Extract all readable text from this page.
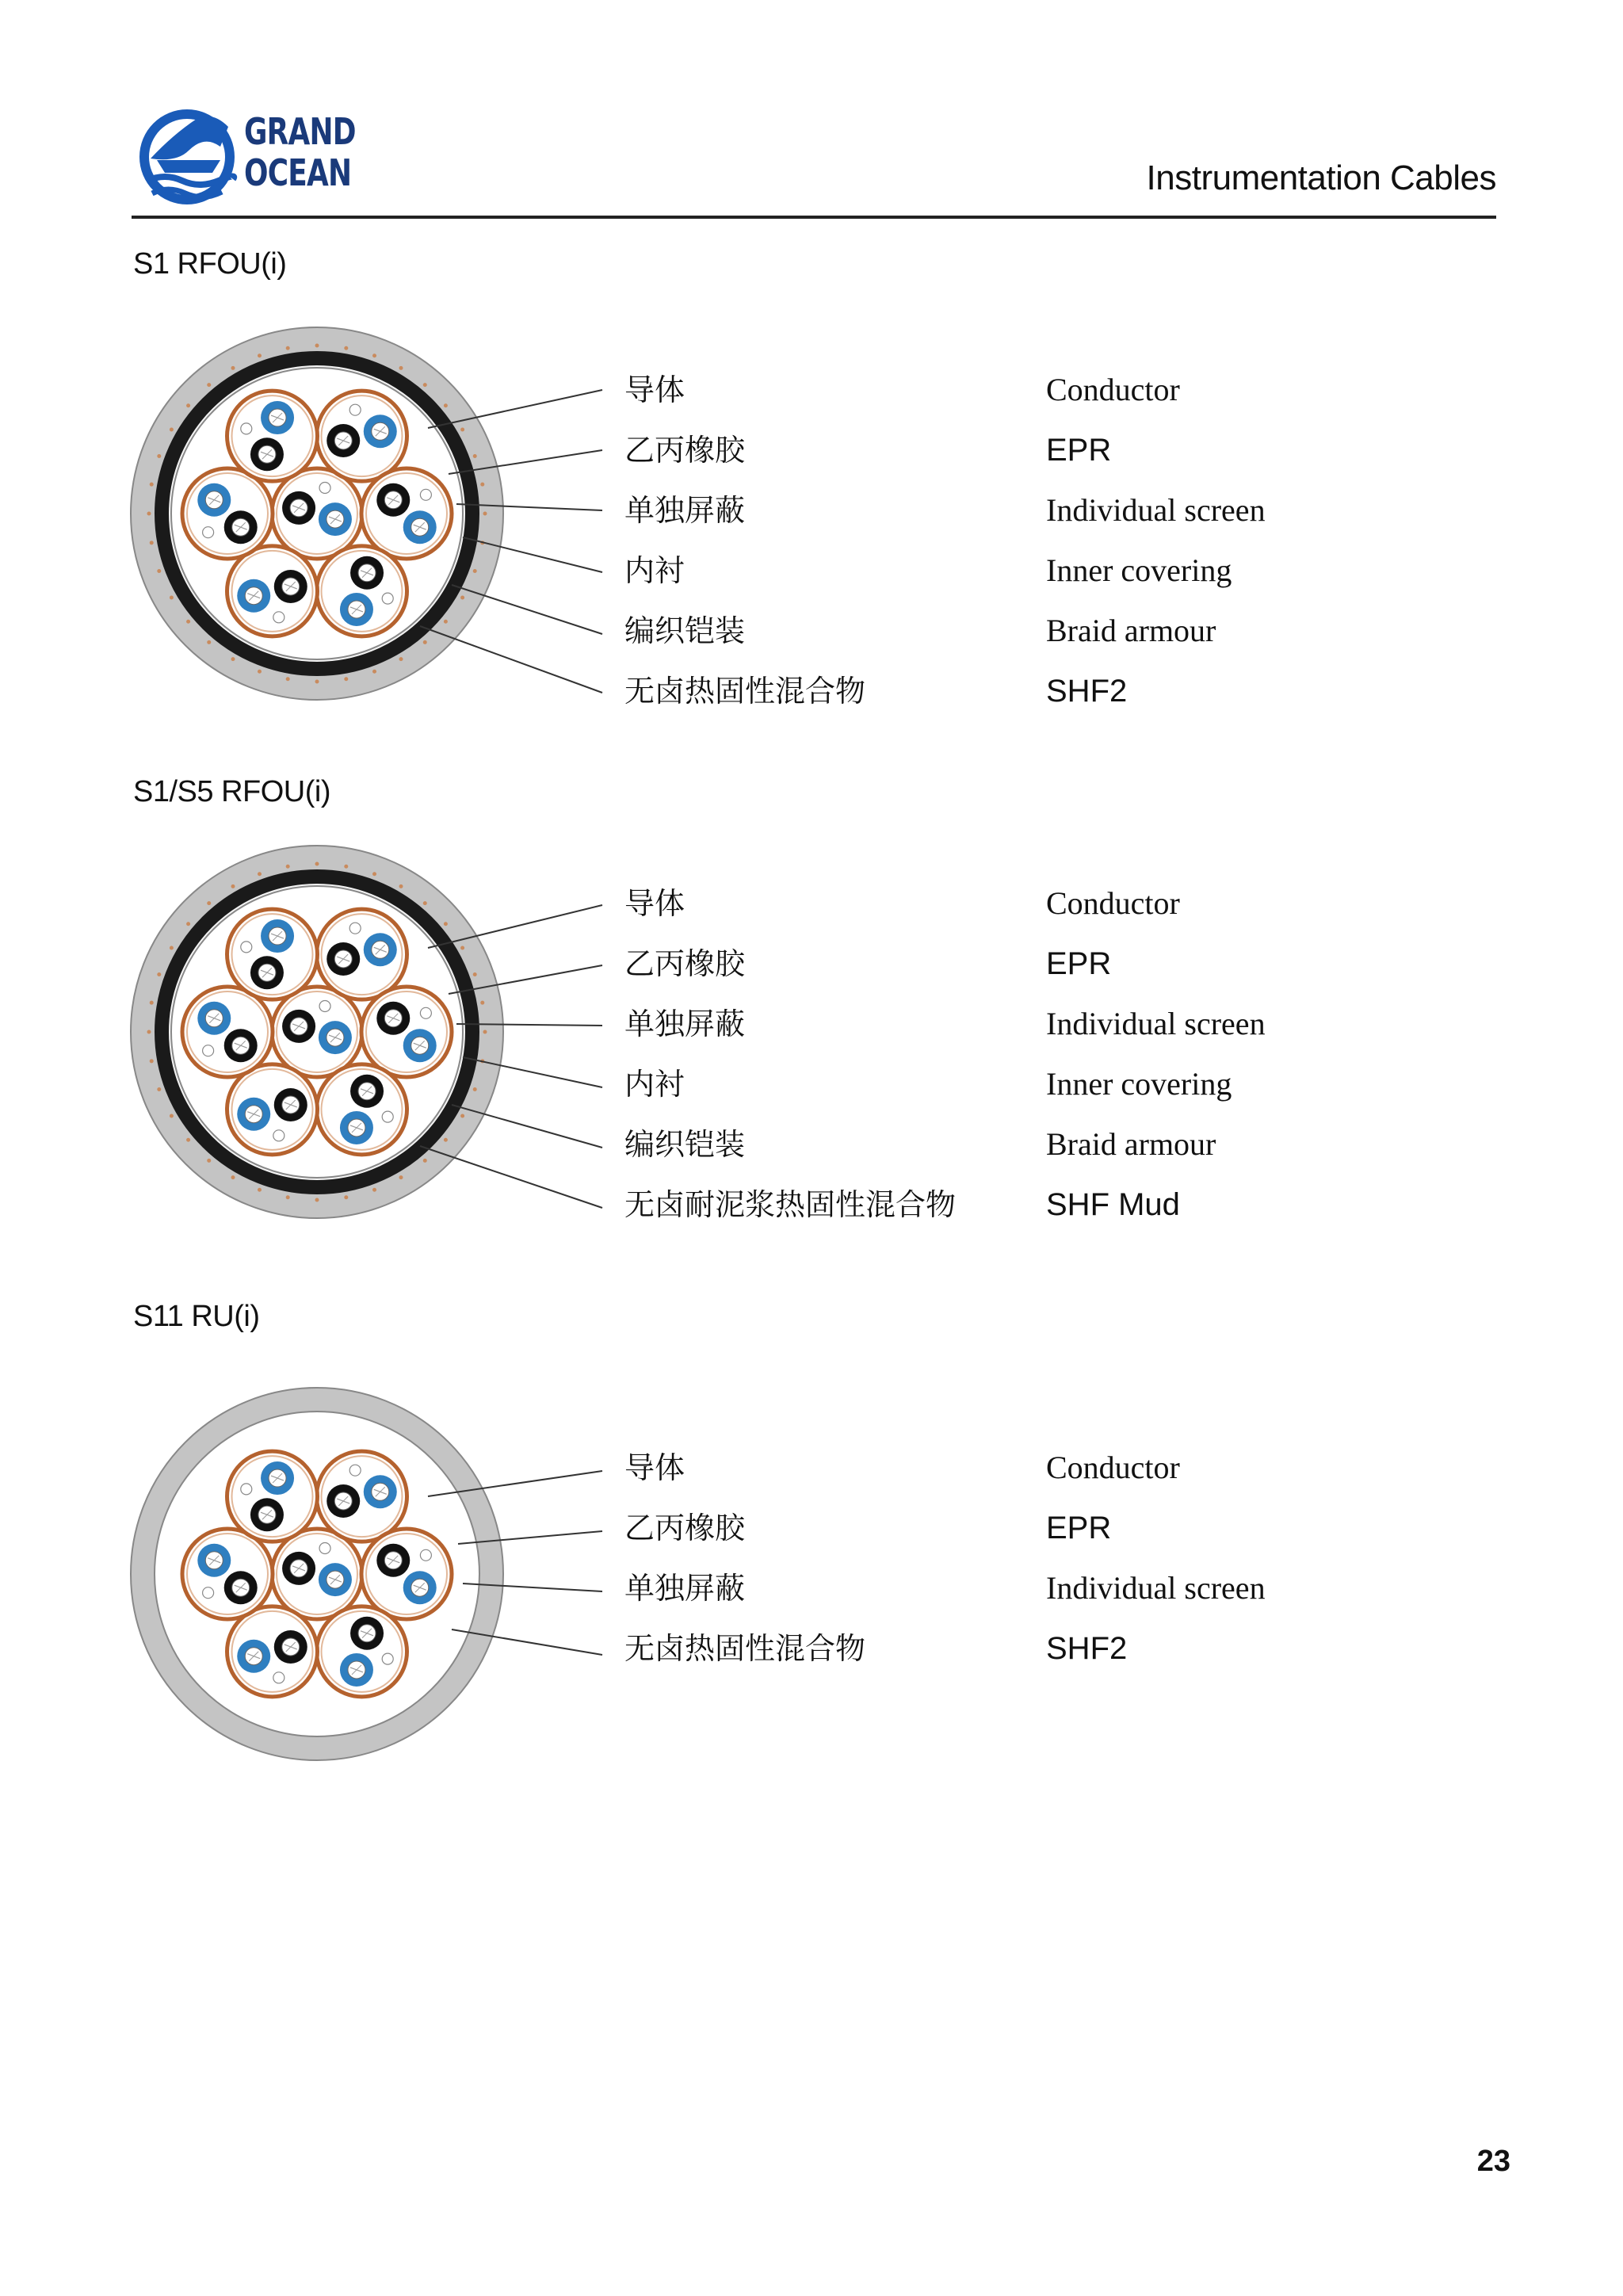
GRAND
OCEAN	Instrumentation Cables
S1 RFOU(i)
S1/S5 RFOU(i)
S11 RU(i)
导体
乙丙橡胶
单独屏蔽
内衬
编织铠装
无卤热固性混合物
Conductor
EPR
Individual screen
Inner covering
Braid armour
SHF2
导体
乙丙橡胶
单独屏蔽
内衬
编织铠装
无卤耐泥浆热固性混合物
Conductor
EPR
Individual screen
Inner covering
Braid armour
SHF Mud
导体
乙丙橡胶
单独屏蔽
无卤热固性混合物
Conductor
EPR
Individual screen
SHF2
23
